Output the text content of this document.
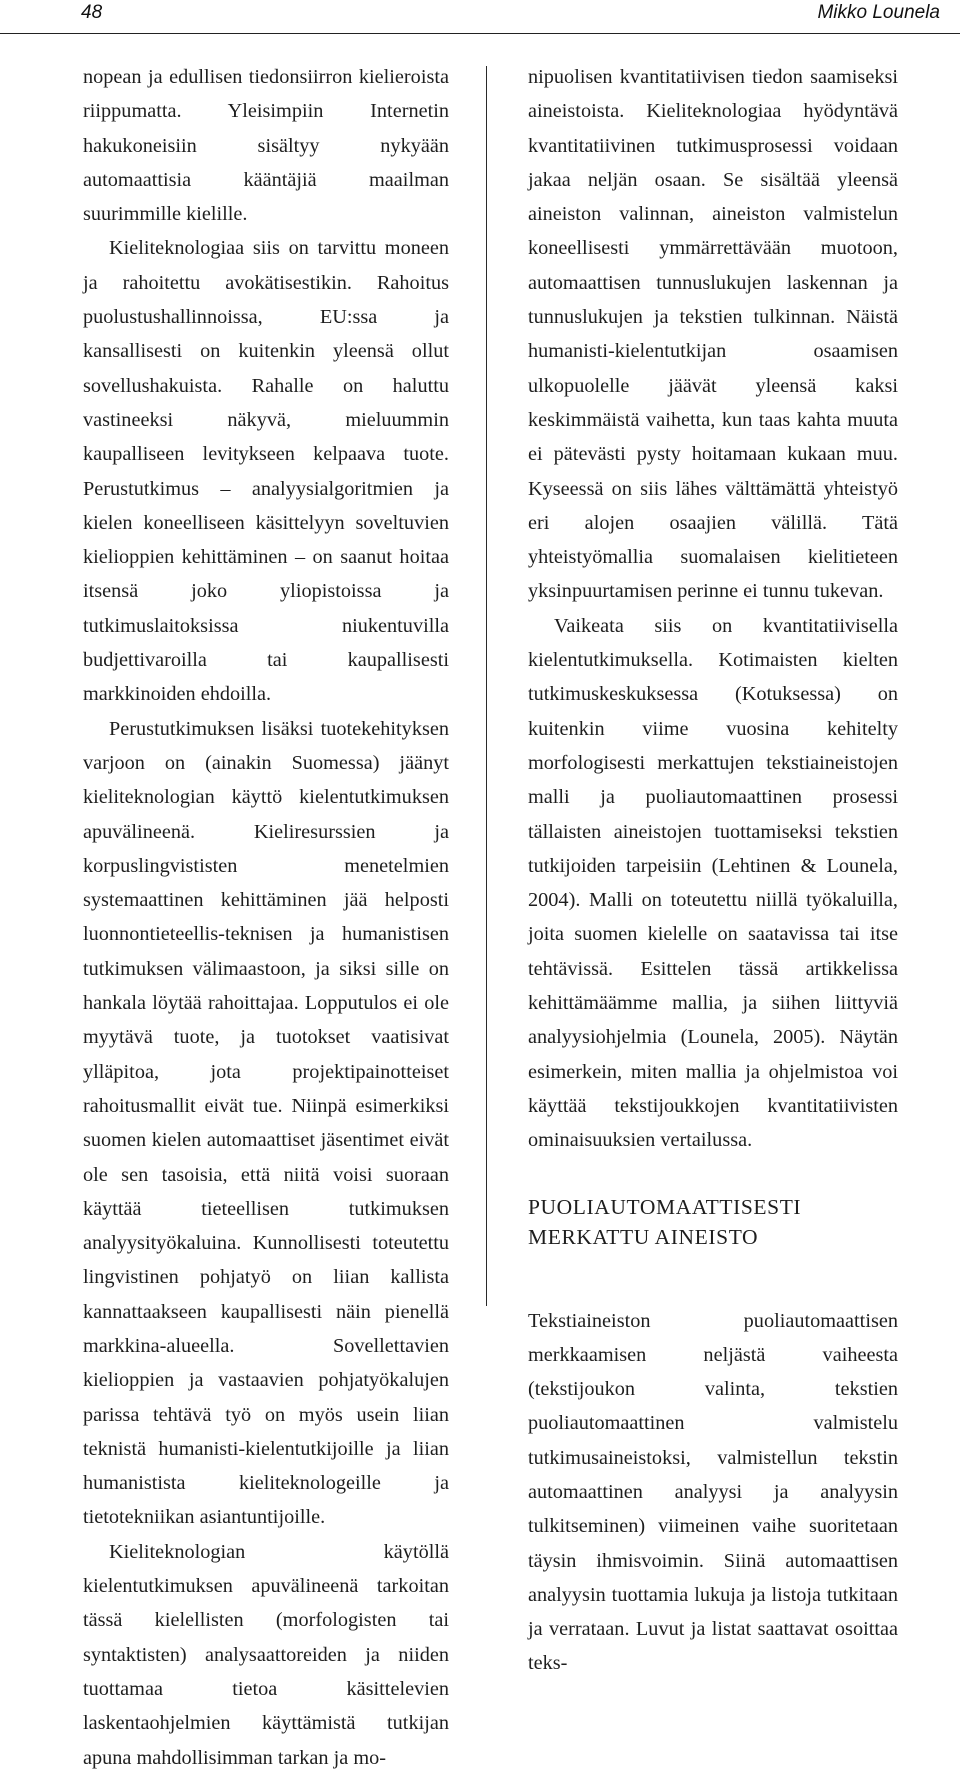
48	Mikko Lounela

nopean ja edullisen tiedonsiirron kielieroista riippumatta. Yleisimpiin Internetin hakukoneisiin sisältyy nykyään automaattisia kääntäjiä maailman suurimmille kielille.

Kieliteknologiaa siis on tarvittu moneen ja rahoitettu avokätisestikin. Rahoitus puolustushallinnoissa, EU:ssa ja kansallisesti on kuitenkin yleensä ollut sovellushakuista. Rahalle on haluttu vastineeksi näkyvä, mieluummin kaupalliseen levitykseen kelpaava tuote. Perustutkimus – analyysialgoritmien ja kielen koneelliseen käsittelyyn soveltuvien kielioppien kehittäminen – on saanut hoitaa itsensä joko yliopistoissa ja tutkimuslaitoksissa niukentuvilla budjettivaroilla tai kaupallisesti markkinoiden ehdoilla.

Perustutkimuksen lisäksi tuotekehityksen varjoon on (ainakin Suomessa) jäänyt kieliteknologian käyttö kielentutkimuksen apuvälineenä. Kieliresurssien ja korpuslingvististen menetelmien systemaattinen kehittäminen jää helposti luonnontieteellis-teknisen ja humanistisen tutkimuksen välimaastoon, ja siksi sille on hankala löytää rahoittajaa. Lopputulos ei ole myytävä tuote, ja tuotokset vaatisivat ylläpitoa, jota projektipainotteiset rahoitusmallit eivät tue. Niinpä esimerkiksi suomen kielen automaattiset jäsentimet eivät ole sen tasoisia, että niitä voisi suoraan käyttää tieteellisen tutkimuksen analyysityökaluina. Kunnollisesti toteutettu lingvistinen pohjatyö on liian kallista kannattaakseen kaupallisesti näin pienellä markkina-alueella. Sovellettavien kielioppien ja vastaavien pohjatyökalujen parissa tehtävä työ on myös usein liian teknistä humanisti-kielentutkijoille ja liian humanistista kieliteknologeille ja tietotekniikan asiantuntijoille.

Kieliteknologian käytöllä kielentutkimuksen apuvälineenä tarkoitan tässä kielellisten (morfologisten tai syntaktisten) analysaattoreiden ja niiden tuottamaa tietoa käsittelevien laskentaohjelmien käyttämistä tutkijan apuna mahdollisimman tarkan ja mo-

nipuolisen kvantitatiivisen tiedon saamiseksi aineistoista. Kieliteknologiaa hyödyntävä kvantitatiivinen tutkimusprosessi voidaan jakaa neljän osaan. Se sisältää yleensä aineiston valinnan, aineiston valmistelun koneellisesti ymmärrettävään muotoon, automaattisen tunnuslukujen laskennan ja tunnuslukujen ja tekstien tulkinnan. Näistä humanisti-kielentutkijan osaamisen ulkopuolelle jäävät yleensä kaksi keskimmäistä vaihetta, kun taas kahta muuta ei pätevästi pysty hoitamaan kukaan muu. Kyseessä on siis lähes välttämättä yhteistyö eri alojen osaajien välillä. Tätä yhteistyömallia suomalaisen kielitieteen yksinpuurtamisen perinne ei tunnu tukevan.

Vaikeata siis on kvantitatiivisella kielentutkimuksella. Kotimaisten kielten tutkimuskeskuksessa (Kotuksessa) on kuitenkin viime vuosina kehitelty morfologisesti merkattujen tekstiaineistojen malli ja puoliautomaattinen prosessi tällaisten aineistojen tuottamiseksi tekstien tutkijoiden tarpeisiin (Lehtinen & Lounela, 2004). Malli on toteutettu niillä työkaluilla, joita suomen kielelle on saatavissa tai itse tehtävissä. Esittelen tässä artikkelissa kehittämäämme mallia, ja siihen liittyviä analyysiohjelmia (Lounela, 2005). Näytän esimerkein, miten mallia ja ohjelmistoa voi käyttää tekstijoukkojen kvantitatiivisten ominaisuuksien vertailussa.

PUOLIAUTOMAATTISESTI
MERKATTU AINEISTO

Tekstiaineiston puoliautomaattisen merkkaamisen neljästä vaiheesta (tekstijoukon valinta, tekstien puoliautomaattinen valmistelu tutkimusaineistoksi, valmistellun tekstin automaattinen analyysi ja analyysin tulkitseminen) viimeinen vaihe suoritetaan täysin ihmisvoimin. Siinä automaattisen analyysin tuottamia lukuja ja listoja tutkitaan ja verrataan. Luvut ja listat saattavat osoittaa teks-
